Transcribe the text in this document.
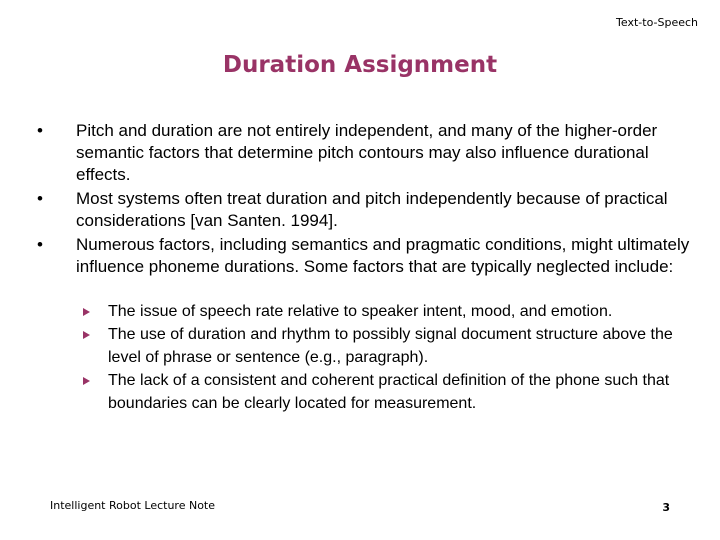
Text-to-Speech
Duration Assignment
•	Pitch and duration are not entirely independent, and many of the higher-order semantic factors that determine pitch contours may also influence durational effects.
•	Most systems often treat duration and pitch independently because of practical considerations [van Santen. 1994].
•	Numerous factors, including semantics and pragmatic conditions, might ultimately influence phoneme durations. Some factors that are typically neglected include:
The issue of speech rate relative to speaker intent, mood, and emotion.
The use of duration and rhythm to possibly signal document structure above the level of phrase or sentence (e.g., paragraph).
The lack of a consistent and coherent practical definition of the phone such that boundaries can be clearly located for measurement.
Intelligent Robot Lecture Note	3
